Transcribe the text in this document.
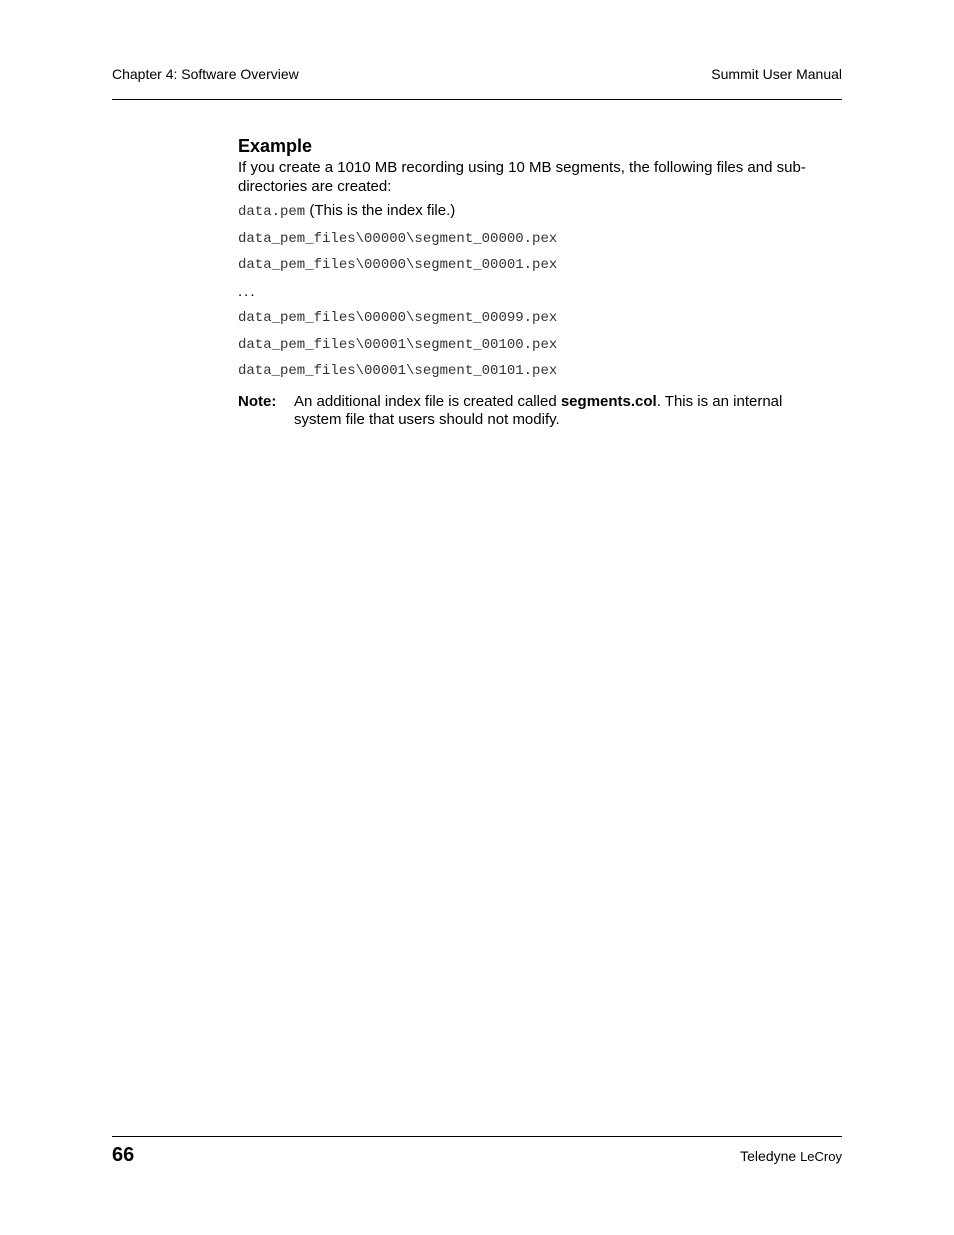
Chapter 4: Software Overview	Summit User Manual
Example

If you create a 1010 MB recording using 10 MB segments, the following files and sub-directories are created:

data.pem (This is the index file.)
data_pem_files\00000\segment_00000.pex
data_pem_files\00000\segment_00001.pex
...
data_pem_files\00000\segment_00099.pex
data_pem_files\00001\segment_00100.pex
data_pem_files\00001\segment_00101.pex
Note: An additional index file is created called segments.col. This is an internal system file that users should not modify.
66	Teledyne LeCroy
